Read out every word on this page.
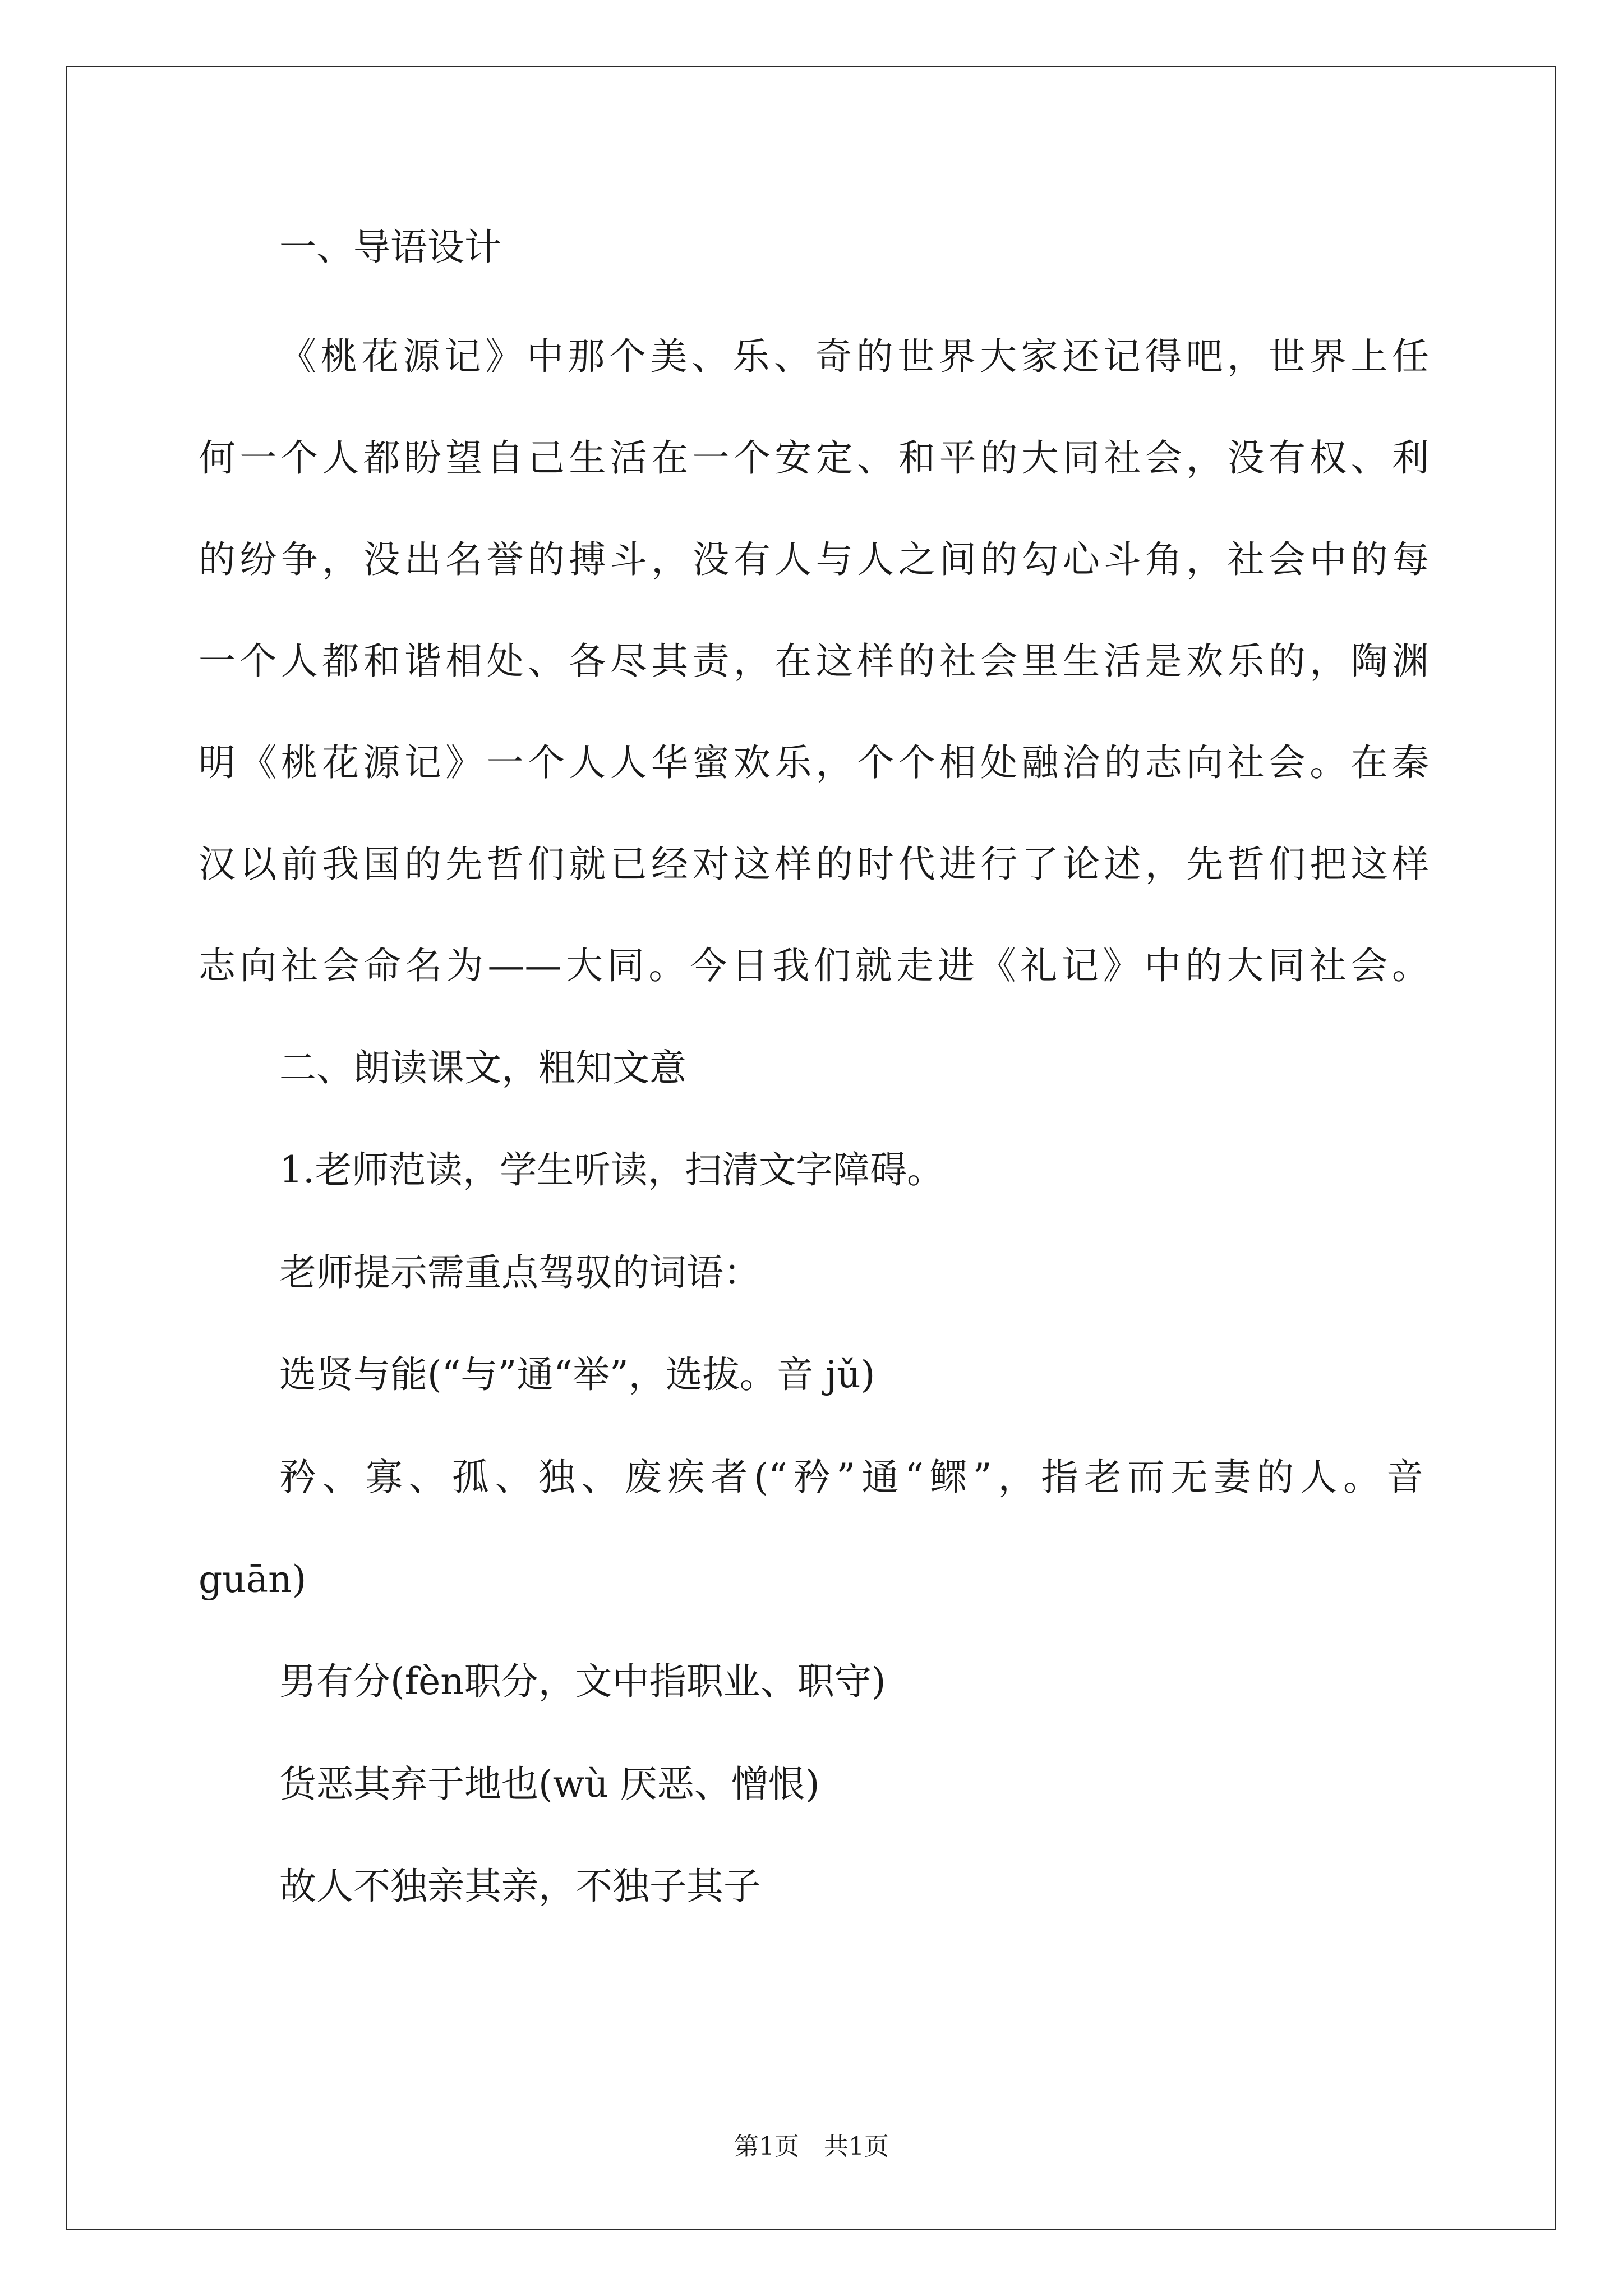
一、导语设计
《桃花源记》中那个美、乐、奇的世界大家还记得吧，世界上任
何一个人都盼望自己生活在一个安定、和平的大同社会，没有权、利
的纷争，没出名誉的搏斗，没有人与人之间的勾心斗角，社会中的每
一个人都和谐相处、各尽其责，在这样的社会里生活是欢乐的，陶渊
明《桃花源记》一个人人华蜜欢乐，个个相处融洽的志向社会。在秦
汉以前我国的先哲们就已经对这样的时代进行了论述，先哲们把这样
志向社会命名为——大同。今日我们就走进《礼记》中的大同社会。
二、朗读课文，粗知文意
1.老师范读，学生听读，扫清文字障碍。
老师提示需重点驾驭的词语：
选贤与能(“与”通“举”，选拔。音 jǔ)
矜、寡、孤、独、废疾者(“矜”通“鳏”，指老而无妻的人。音
guān)
男有分(fèn职分，文中指职业、职守)
货恶其弃于地也(wù 厌恶、憎恨)
故人不独亲其亲，不独子其子
第1页　共1页
